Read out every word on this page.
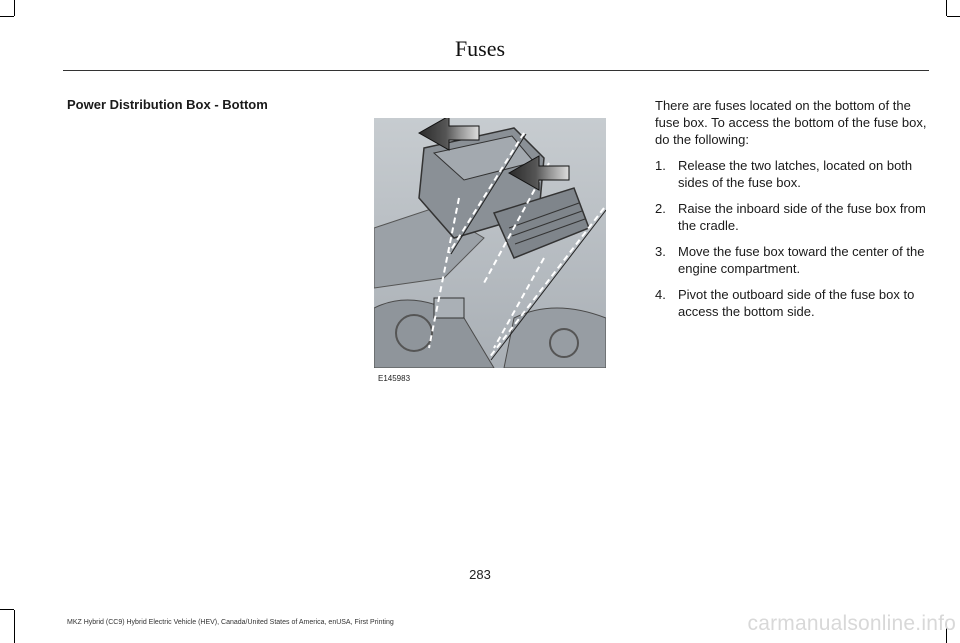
Fuses
Power Distribution Box - Bottom
E145983

There are fuses located on the bottom of the fuse box. To access the bottom of the fuse box, do the following:

1. Release the two latches, located on both sides of the fuse box.
2. Raise the inboard side of the fuse box from the cradle.
3. Move the fuse box toward the center of the engine compartment.
4. Pivot the outboard side of the fuse box to access the bottom side.
283
MKZ Hybrid (CC9) Hybrid Electric Vehicle (HEV), Canada/United States of America, enUSA, First Printing	carmanualsonline.info
